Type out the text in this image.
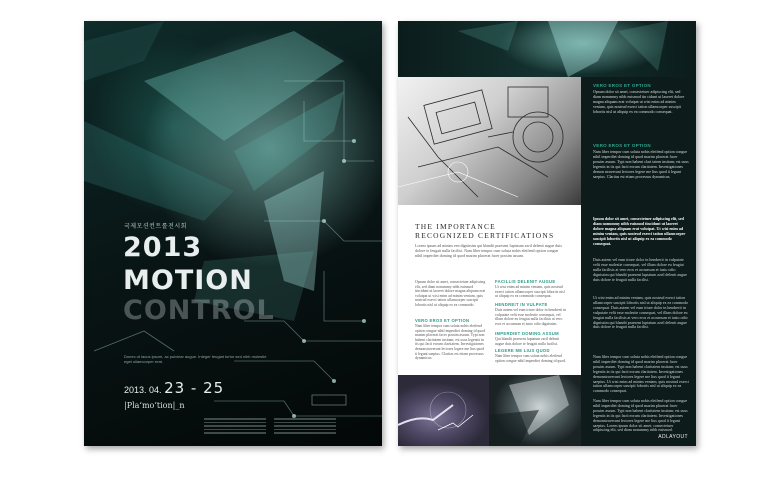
국제모션컨트롤전시회
2013
MOTION
CONTROL
Donec ut lacus ipsum, ac pulvinar augue. Integer feugiat tortor sed nibh molestie eget ullamcorper erat.
2013. 04. 23 - 25
|Pla‘mo’tion|_n
VERO EROS ET OPTION
Opsum dolor sit amet, consectetuer adipiscing elit, sed diam nonummy nibh euismod tin cidunt ut laoreet dolore magna aliquam erat volutpat ut wisi enim ad minim veniam, quis nostrud exerci tation ullamcorper suscipit lobortis nisl ut aliquip ex ea commodo consequat.
VERO EROS ET OPTION
Nam liber tempor cum soluta nobis eleifend option congue nihil imperdiet doming id quod mazim placerat facer possim assum. Typi non habent clari tatem insitam; est usus legentis in iis qui facit eorum claritatem. Investigationes demon straverunt lectores legere me lius quod ii legunt saepius. Claritas est etiam processus dynamicus.
Ipsum dolor sit amet, consectetuer adipiscing elit, sed diam nonummy nibh euismod tincidunt ut laoreet dolore magna aliquam erat volutpat. Ut wisi enim ad minim veniam, quis nostrud exerci tation ullamcorper suscipit lobortis nisl ut aliquip ex ea commodo consequat.
Duis autem vel eum iriure dolor in hendrerit in vulputate velit esse molestie consequat, vel illum dolore eu feugiat nulla facilisis at vero eros et accumsan et iusto odio dignissim qui blandit praesent luptatum zzril delenit augue duis dolore te feugait nulla facilisi.
Ut wisi enim ad minim veniam, quis nostrud exerci tation ullamcorper suscipit lobortis nisl ut aliquip ex ea commodo consequat. Duis autem vel eum iriure dolor in hendrerit in vulputate velit esse molestie consequat, vel illum dolore eu feugiat nulla facilisis at vero eros et accumsan et iusto odio dignissim qui blandit praesent luptatum zzril delenit augue duis dolore te feugait nulla facilisi.
Nam liber tempor cum soluta nobis eleifend option congue nihil imperdiet doming id quod mazim placerat facer possim assum. Typi non habent claritatem insitam; est usus legentis in iis qui facit eorum claritatem. Investigationes demonstraverunt lectores legere me lius quod ii legunt saepius. Ut wisi enim ad minim veniam, quis nostrud exerci tation ullamcorper suscipit lobortis nisl ut aliquip ex ea commodo consequat.
Nam liber tempor cum soluta nobis eleifend option congue nihil imperdiet doming id quod mazim placerat facer possim assum. Typi non habent claritatem insitam; est usus legentis in iis qui facit eorum claritatem. Investigationes demonstraverunt lectores legere me lius quod ii legunt saepius. Lorem ipsum dolor sit amet, consectetuer adipiscing elit, sed diam nonummy nibh euismod.
ADLAYOUT
THE IMPORTANCE
RECOGNIZED CERTIFICATIONS
Lorem ipsum ad minim ven dignissim qui blandit praesent luptatum zzril delenit augue duis dolore te feugait nulla facilisi. Nam liber tempor cum soluta nobis eleifend option congue nihil imperdiet doming id quod mazim placerat facer possim assum.
Opsum dolor sit amet, consectetuer adipiscing elit, sed diam nonummy nibh euismod tincidunt ut laoreet dolore magna aliquam erat volutpat ut wisi enim ad minim veniam, quis nostrud exerci tation ullamcorper suscipit lobortis nisl ut aliquip ex ea commodo.
VERO EROS ET OPTION
Nam liber tempor cum soluta nobis eleifend option congue nihil imperdiet doming id quod mazim placerat facer possim assum. Typi non habent claritatem insitam; est usus legentis in iis qui facit eorum claritatem. Investigationes demonstraverunt lectores legere me lius quod ii legunt saepius. Claritas est etiam processus dynamicus.
FACILLIS DELENIT AUGUE
Ut wisi enim ad minim veniam, quis nostrud exerci tation ullamcorper suscipit lobortis nisl ut aliquip ex ea commodo consequat.
HENDREIT IN VULPATE
Duis autem vel eum iriure dolor in hendrerit in vulputate velit esse molestie consequat, vel illum dolore eu feugiat nulla facilisis at vero eros et accumsan et iusto odio dignissim.
IMPERDIET DOMING ASSUM
Qui blandit praesent luptatum zzril delenit augue duis dolore te feugait nulla facilisi.
LEGERE ME LIUS QUOD
Nam liber tempor cum soluta nobis eleifend option congue nihil imperdiet doming id quod.
